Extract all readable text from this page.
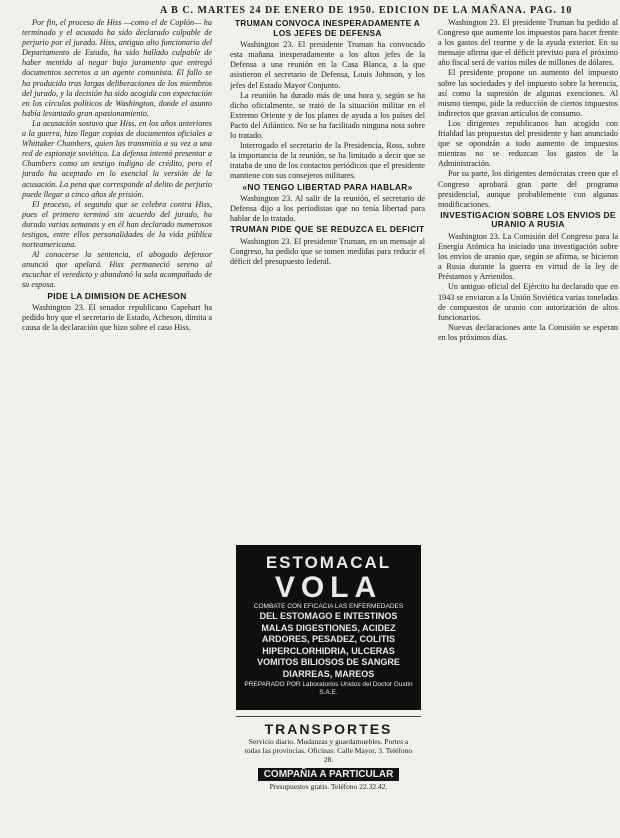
A B C. MARTES 24 DE ENERO DE 1950. EDICION DE LA MAÑANA. PAG. 10

Por fin, el proceso de Hiss —como el de Coplón— ha terminado y el acusado ha sido declarado culpable de perjurio por el jurado. Hiss, antiguo alto funcionario del Departamento de Estado, ha sido hallado culpable de haber mentido al negar bajo juramento que entregó documentos secretos a un agente comunista. El fallo se ha producido tras largas deliberaciones de los miembros del jurado, y la decisión ha sido acogida con expectación en los círculos políticos de Washington, donde el asunto había levantado gran apasionamiento.

La acusación sostuvo que Hiss, en los años anteriores a la guerra, hizo llegar copias de documentos oficiales a Whittaker Chambers, quien las transmitía a su vez a una red de espionaje soviético. La defensa intentó presentar a Chambers como un testigo indigno de crédito, pero el jurado ha aceptado en lo esencial la versión de la acusación. La pena que corresponde al delito de perjurio puede llegar a cinco años de prisión.

El proceso, el segundo que se celebra contra Hiss, pues el primero terminó sin acuerdo del jurado, ha durado varias semanas y en él han declarado numerosos testigos, entre ellos personalidades de la vida pública norteamericana.

Al conocerse la sentencia, el abogado defensor anunció que apelará. Hiss permaneció sereno al escuchar el veredicto y abandonó la sala acompañado de su esposa.

PIDE LA DIMISION DE ACHESON

Washington 23. El senador republicano Capehart ha pedido hoy que el secretario de Estado, Acheson, dimita a causa de la declaración que hizo sobre el caso Hiss.

TRUMAN CONVOCA INESPERADAMENTE A LOS JEFES DE DEFENSA

Washington 23. El presidente Truman ha convocado esta mañana inesperadamente a los altos jefes de la Defensa a una reunión en la Casa Blanca, a la que asistieron el secretario de Defensa, Louis Johnson, y los jefes del Estado Mayor Conjunto.

La reunión ha durado más de una hora y, según se ha dicho oficialmente, se trató de la situación militar en el Extremo Oriente y de los planes de ayuda a los países del Pacto del Atlántico. No se ha facilitado ninguna nota sobre lo tratado.

Interrogado el secretario de la Presidencia, Ross, sobre la importancia de la reunión, se ha limitado a decir que se trataba de uno de los contactos periódicos que el presidente mantiene con sus consejeros militares.

«NO TENGO LIBERTAD PARA HABLAR»

Washington 23. Al salir de la reunión, el secretario de Defensa dijo a los periodistas que no tenía libertad para hablar de lo tratado.

TRUMAN PIDE QUE SE REDUZCA EL DEFICIT

Washington 23. El presidente Truman, en un mensaje al Congreso, ha pedido que se tomen medidas para reducir el déficit del presupuesto federal.

ESTOMACAL
VOLA
COMBATE CON EFICACIA LAS ENFERMEDADES
DEL ESTOMAGO E INTESTINOS
MALAS DIGESTIONES, ACIDEZ
ARDORES, PESADEZ, COLITIS
HIPERCLORHIDRIA, ULCERAS
VOMITOS BILIOSOS DE SANGRE
DIARREAS, MAREOS
PREPARADO POR Laboratorios Unidos del Doctor Gustin S.A.E.
TRANSPORTES
Servicio diario. Mudanzas y guardamuebles. Portes a todas las provincias. Oficinas: Calle Mayor, 3. Teléfono 28.
COMPAÑIA A PARTICULAR
Presupuestos gratis. Teléfono 22.32.42.

Washington 23. El presidente Truman ha pedido al Congreso que aumente los impuestos para hacer frente a los gastos del rearme y de la ayuda exterior. En su mensaje afirma que el déficit previsto para el próximo año fiscal será de varios miles de millones de dólares.

El presidente propone un aumento del impuesto sobre las sociedades y del impuesto sobre la herencia, así como la supresión de algunas exenciones. Al mismo tiempo, pide la reducción de ciertos impuestos indirectos que gravan artículos de consumo.

Los dirigentes republicanos han acogido con frialdad las propuestas del presidente y han anunciado que se opondrán a todo aumento de impuestos mientras no se reduzcan los gastos de la Administración.

Por su parte, los dirigentes demócratas creen que el Congreso aprobará gran parte del programa presidencial, aunque probablemente con algunas modificaciones.

INVESTIGACION SOBRE LOS ENVIOS DE URANIO A RUSIA

Washington 23. La Comisión del Congreso para la Energía Atómica ha iniciado una investigación sobre los envíos de uranio que, según se afirma, se hicieron a Rusia durante la guerra en virtud de la ley de Préstamos y Arriendos.

Un antiguo oficial del Ejército ha declarado que en 1943 se enviaron a la Unión Soviética varias toneladas de compuestos de uranio con autorización de altos funcionarios.

Nuevas declaraciones ante la Comisión se esperan en los próximos días.
